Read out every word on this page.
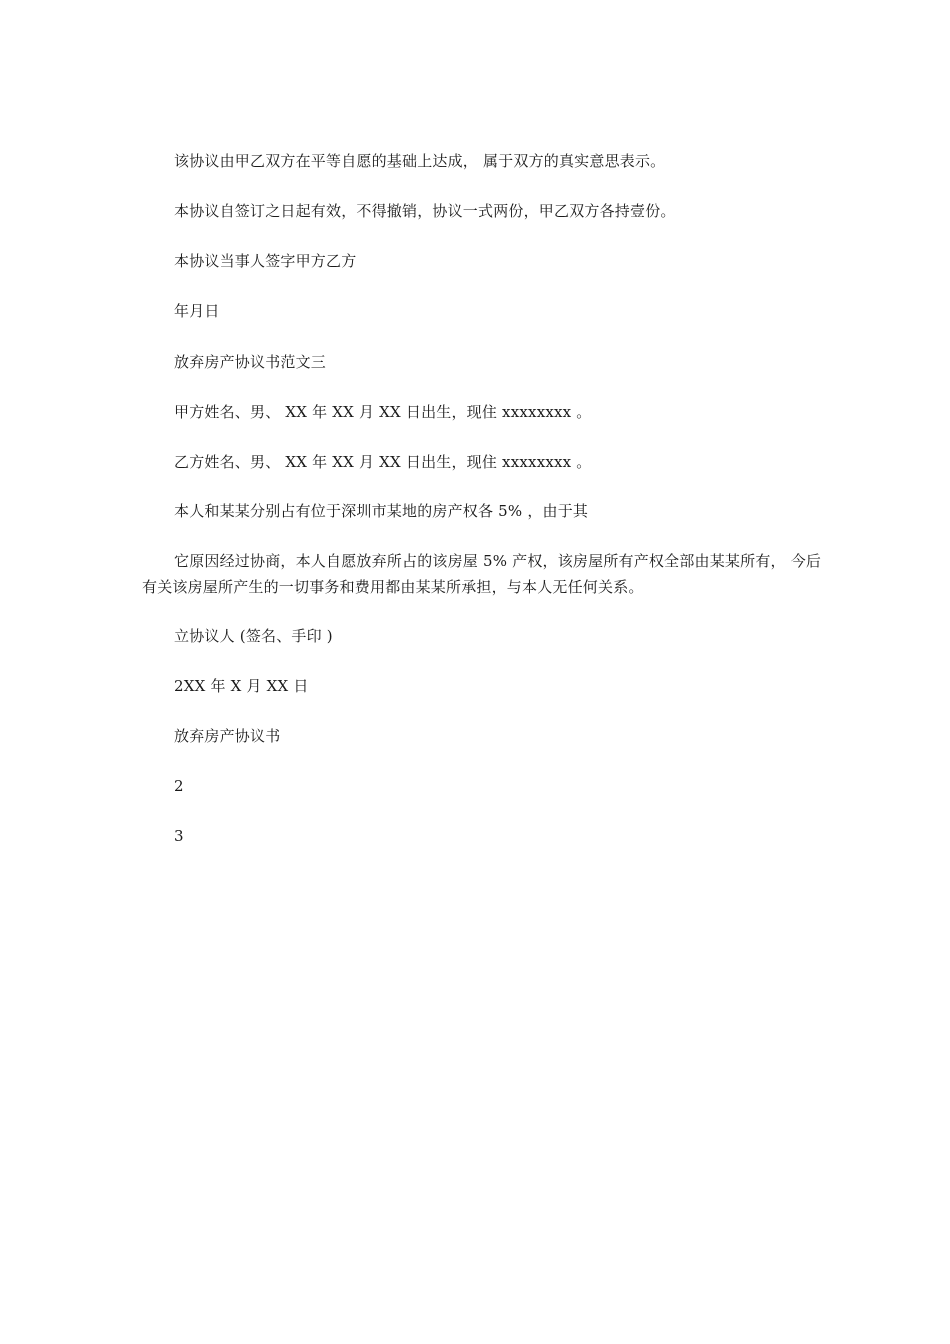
该协议由甲乙双方在平等自愿的基础上达成， 属于双方的真实意思表示。
本协议自签订之日起有效，不得撤销，协议一式两份，甲乙双方各持壹份。
本协议当事人签字甲方乙方
年月日
放弃房产协议书范文三
甲方姓名、男、 XX 年 XX 月 XX 日出生，现住 xxxxxxxx 。
乙方姓名、男、 XX 年 XX 月 XX 日出生，现住 xxxxxxxx 。
本人和某某分别占有位于深圳市某地的房产权各 5% ，由于其
它原因经过协商，本人自愿放弃所占的该房屋 5% 产权，该房屋所有产权全部由某某所有， 今后有关该房屋所产生的一切事务和费用都由某某所承担，与本人无任何关系。
立协议人 (签名、手印 )
2XX 年 X 月 XX 日
放弃房产协议书
2
3
